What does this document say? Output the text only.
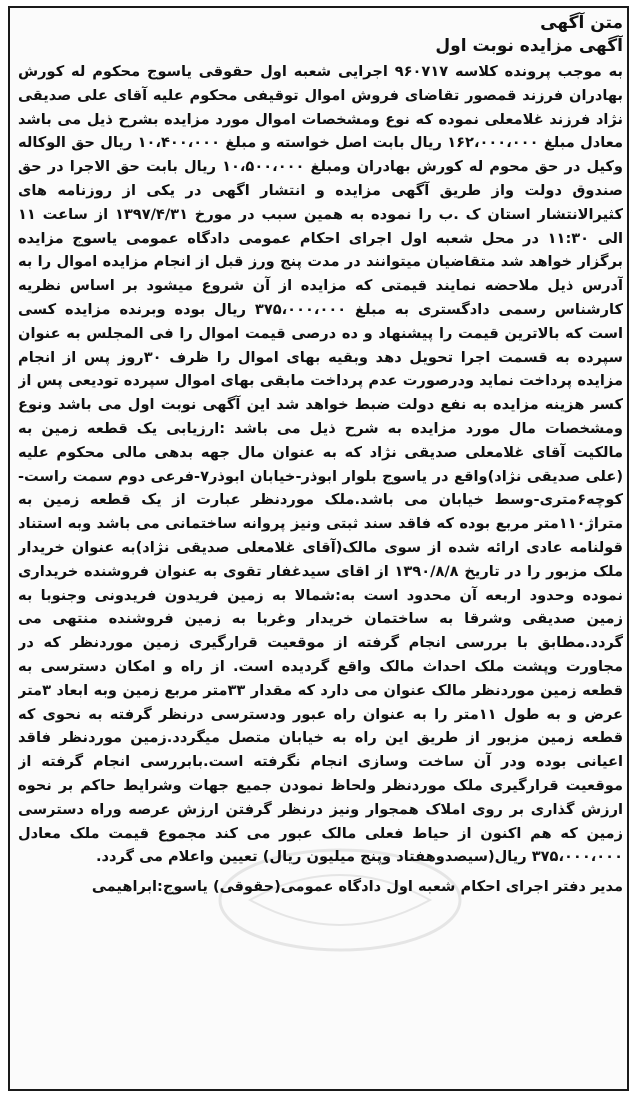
متن آگهی

آگهی مزایده نوبت اول

به موجب پرونده کلاسه ۹۶۰۷۱۷ اجرایی شعبه اول حقوقی یاسوج محکوم له کورش بهادران فرزند قمصور تقاضای فروش اموال توقیفی محکوم علیه آقای علی صدیقی نژاد فرزند غلامعلی نموده که نوع ومشخصات اموال مورد مزایده بشرح ذیل می باشد معادل مبلغ ۱۶۲،۰۰۰،۰۰۰ ریال بابت اصل خواسته و مبلغ ۱۰،۴۰۰،۰۰۰ ریال حق الوکاله وکیل در حق محوم له کورش بهادران ومبلغ ۱۰،۵۰۰،۰۰۰ ریال بابت حق الاجرا در حق صندوق دولت واز طریق آگهی مزایده و انتشار اگهی در یکی از روزنامه های کثیرالانتشار استان ک .ب را نموده به همین سبب در مورخ ۱۳۹۷/۴/۳۱ از ساعت ۱۱ الی ۱۱:۳۰ در محل شعبه اول اجرای احکام عمومی دادگاه عمومی یاسوج مزایده برگزار خواهد شد متقاضیان میتوانند در مدت پنج ورز قبل از انجام مزایده اموال را به آدرس ذیل ملاحضه نمایند قیمتی که مزایده از آن شروع میشود بر اساس نظریه کارشناس رسمی دادگستری به مبلغ ۳۷۵،۰۰۰،۰۰۰ ریال بوده وبرنده مزایده کسی است که بالاترین قیمت را پیشنهاد و ده درصی قیمت اموال را فی المجلس به عنوان سپرده به قسمت اجرا تحویل دهد وبقیه بهای اموال را ظرف ۳۰روز پس از انجام مزایده پرداخت نماید ودرصورت عدم پرداخت مابقی بهای اموال سپرده تودیعی پس از کسر هزینه مزایده به نفع دولت ضبط خواهد شد این آگهی نوبت اول می باشد ونوع ومشخصات مال مورد مزایده به شرح ذیل می باشد :ارزیابی یک قطعه زمین به مالکیت آقای غلامعلی صدیقی نژاد که به عنوان مال جهه بدهی مالی محکوم علیه (علی صدیقی نژاد)واقع در یاسوج بلوار ابوذر-خیابان ابوذر۷-فرعی دوم سمت راست-کوچه۶متری-وسط خیابان می باشد.ملک مورد‌نظر عبارت از یک قطعه زمین به متراژ۱۱۰متر مربع بوده که فاقد سند ثبتی ونیز پروانه ساختمانی می باشد وبه استناد قولنامه عادی ارائه شده از سوی مالک(آقای غلامعلی صدیقی نژاد)به عنوان خریدار ملک مزبور را در تاریخ ۱۳۹۰/۸/۸ از اقای سیدغفار تقوی به عنوان فروشنده خریداری نموده وحدود اربعه آن محدود است به:شمالا به زمین فریدون فریدونی وجنوبا به زمین صدیقی وشرقا به ساختمان خریدار وغربا به زمین فروشنده منتهی می گردد.مطابق با بررسی انجام گرفته از موقعیت قرارگیری زمین موردنظر که در مجاورت وپشت ملک احداث مالک واقع گردیده است. از راه و امکان دسترسی به قطعه زمین موردنظر مالک عنوان می دارد که مقدار ۳۳متر مربع زمین وبه ابعاد ۳متر عرض و به طول ۱۱متر را به عنوان راه عبور ودسترسی درنظر گرفته به نحوی که قطعه زمین مزبور از طریق این راه به خیابان متصل میگردد.زمین موردنظر فاقد اعیانی بوده ودر آن ساخت وسازی انجام نگرفته است.بابررسی انجام گرفته از موقعیت قرارگیری ملک موردنظر ولحاظ نمودن جمیع جهات وشرایط حاکم بر نحوه ارزش گذاری بر روی املاک همجوار ونیز درنظر گرفتن ارزش عرصه وراه دسترسی زمین که هم اکنون از حیاط فعلی مالک عبور می کند مجموع قیمت ملک معادل ۳۷۵،۰۰۰،۰۰۰ ریال(سیصدوهفتاد وپنج میلیون ریال) تعیین واعلام می گردد.

مدیر دفتر اجرای احکام شعبه اول دادگاه عمومی(حقوقی) یاسوج:ابراهیمی
